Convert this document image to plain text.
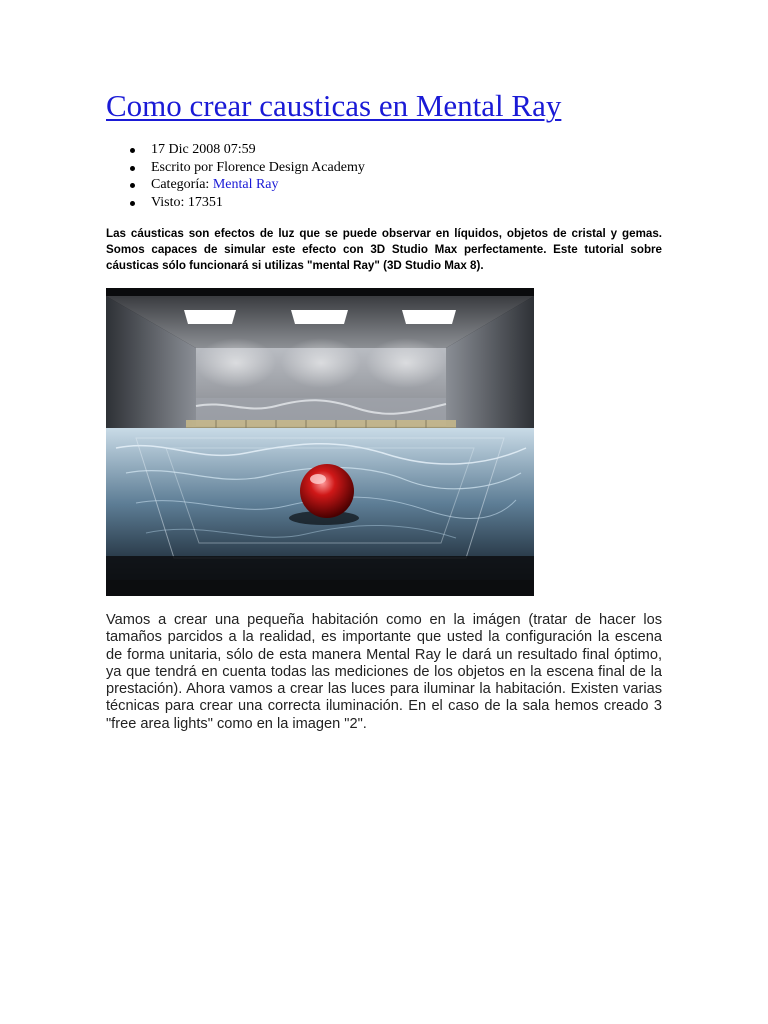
Como crear causticas en Mental Ray
17 Dic 2008 07:59
Escrito por Florence Design Academy
Categoría: Mental Ray
Visto: 17351

Las cáusticas son efectos de luz que se puede observar en líquidos, objetos de cristal y gemas. Somos capaces de simular este efecto con 3D Studio Max perfectamente. Este tutorial sobre cáusticas sólo funcionará si utilizas "mental Ray" (3D Studio Max 8).

Vamos a crear una pequeña habitación como en la imágen (tratar de hacer los tamaños parcidos a la realidad, es importante que usted la configuración la escena de forma unitaria, sólo de esta manera Mental Ray le dará un resultado final óptimo, ya que tendrá en cuenta todas las mediciones de los objetos en la escena final de la prestación). Ahora vamos a crear las luces para iluminar la habitación. Existen varias técnicas para crear una correcta iluminación. En el caso de la sala hemos creado 3 "free area lights" como en la imagen "2".
